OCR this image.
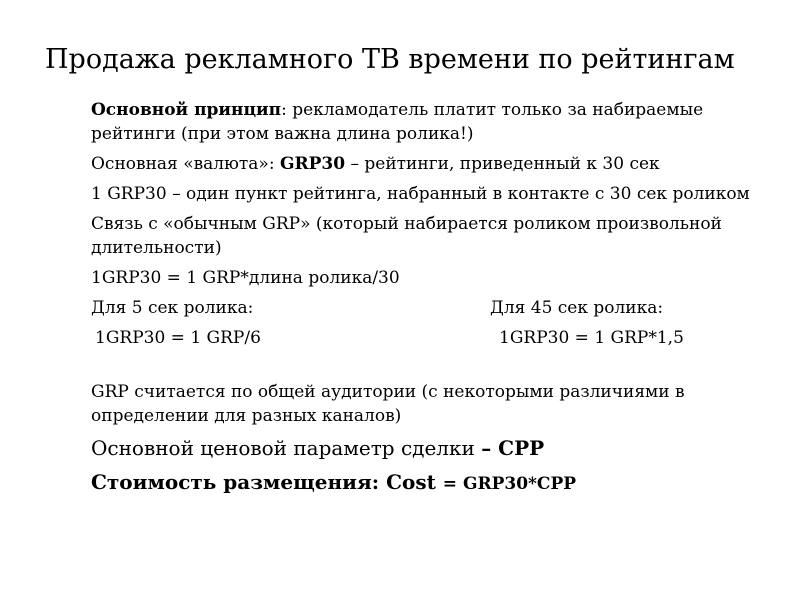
Продажа рекламного ТВ времени по рейтингам

Основной принцип: рекламодатель платит только за набираемые рейтинги (при этом важна длина ролика!)

Основная «валюта»: GRP30 – рейтинги, приведенный к 30 сек

1 GRP30 – один пункт рейтинга, набранный в контакте с 30 сек роликом

Связь с «обычным GRP» (который набирается роликом произвольной длительности)

1GRP30 = 1 GRP*длина ролика/30

Для 5 сек ролика:	Для 45 сек ролика:
1GRP30 = 1 GRP/6	1GRP30 = 1 GRP*1,5

GRP считается по общей аудитории (с некоторыми различиями в определении для разных каналов)

Основной ценовой параметр сделки – CPP

Стоимость размещения: Cost = GRP30*CPP
